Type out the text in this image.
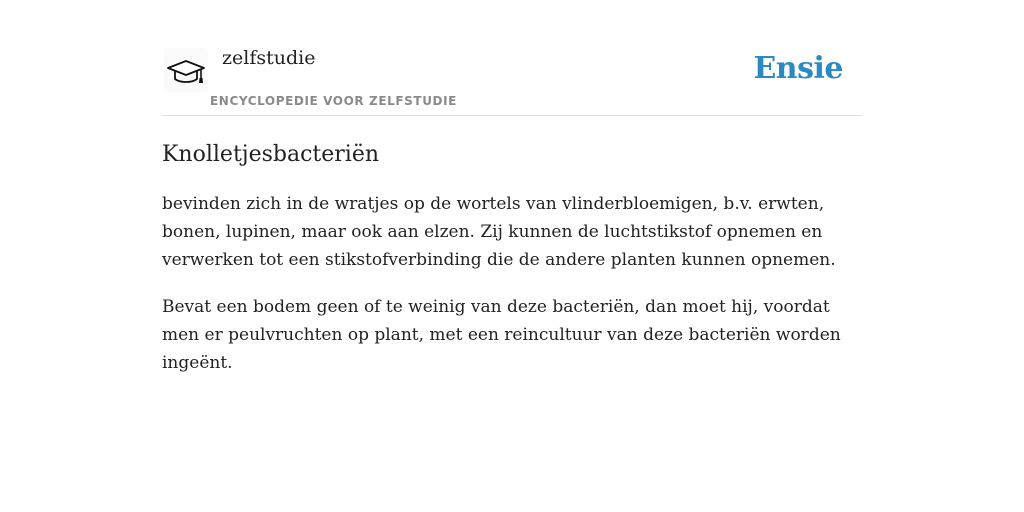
zelfstudie
ENCYCLOPEDIE VOOR ZELFSTUDIE
Ensie
Knolletjesbacteriën

bevinden zich in de wratjes op de wortels van vlinderbloemigen, b.v. erwten, bonen, lupinen, maar ook aan elzen. Zij kunnen de luchtstikstof opnemen en verwerken tot een stikstofverbinding die de andere planten kunnen opnemen.

Bevat een bodem geen of te weinig van deze bacteriën, dan moet hij, voordat men er peulvruchten op plant, met een reincultuur van deze bacteriën worden ingeënt.
